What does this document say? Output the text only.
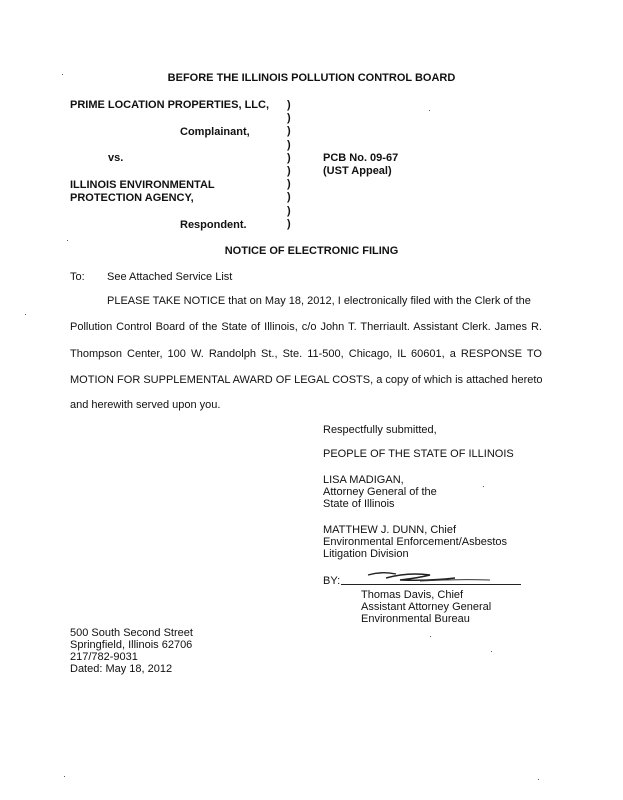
BEFORE THE ILLINOIS POLLUTION CONTROL BOARD
PRIME LOCATION PROPERTIES, LLC,
Complainant,
vs.
ILLINOIS ENVIRONMENTAL
PROTECTION AGENCY,
Respondent.
)
)
)
)
)
)
)
)
)
)
PCB No. 09-67
(UST Appeal)
NOTICE OF ELECTRONIC FILING
To: See Attached Service List
PLEASE TAKE NOTICE that on May 18, 2012, I electronically filed with the Clerk of the
Pollution Control Board of the State of Illinois, c/o John T. Therriault. Assistant Clerk. James R.
Thompson Center, 100 W. Randolph St., Ste. 11-500, Chicago, IL 60601, a RESPONSE TO
MOTION FOR SUPPLEMENTAL AWARD OF LEGAL COSTS, a copy of which is attached hereto
and herewith served upon you.
Respectfully submitted,
PEOPLE OF THE STATE OF ILLINOIS
LISA MADIGAN,
Attorney General of the
State of Illinois
MATTHEW J. DUNN, Chief
Environmental Enforcement/Asbestos
Litigation Division
BY:
Thomas Davis, Chief
Assistant Attorney General
Environmental Bureau
500 South Second Street
Springfield, Illinois 62706
217/782-9031
Dated: May 18, 2012
